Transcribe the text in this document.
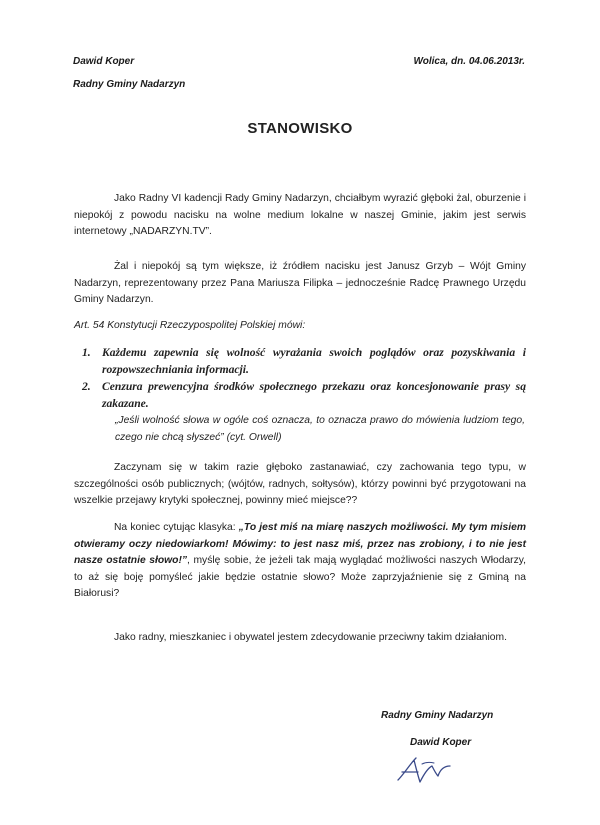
Dawid Koper
Radny Gminy Nadarzyn
Wolica, dn. 04.06.2013r.
STANOWISKO

Jako Radny VI kadencji Rady Gminy Nadarzyn, chciałbym wyrazić głęboki żal, oburzenie i niepokój z powodu nacisku na wolne medium lokalne w naszej Gminie, jakim jest serwis internetowy „NADARZYN.TV”.

Żal i niepokój są tym większe, iż źródłem nacisku jest Janusz Grzyb – Wójt Gminy Nadarzyn, reprezentowany przez Pana Mariusza Filipka – jednocześnie Radcę Prawnego Urzędu Gminy Nadarzyn.

Art. 54 Konstytucji Rzeczypospolitej Polskiej mówi:

1. Każdemu zapewnia się wolność wyrażania swoich poglądów oraz pozyskiwania i rozpowszechniania informacji.
2. Cenzura prewencyjna środków społecznego przekazu oraz koncesjonowanie prasy są zakazane.

„Jeśli wolność słowa w ogóle coś oznacza, to oznacza prawo do mówienia ludziom tego, czego nie chcą słyszeć” (cyt. Orwell)

Zaczynam się w takim razie głęboko zastanawiać, czy zachowania tego typu, w szczególności osób publicznych; (wójtów, radnych, sołtysów), którzy powinni być przygotowani na wszelkie przejawy krytyki społecznej, powinny mieć miejsce??

Na koniec cytując klasyka: „To jest miś na miarę naszych możliwości. My tym misiem otwieramy oczy niedowiarkom! Mówimy: to jest nasz miś, przez nas zrobiony, i to nie jest nasze ostatnie słowo!”, myślę sobie, że jeżeli tak mają wyglądać możliwości naszych Włodarzy, to aż się boję pomyśleć jakie będzie ostatnie słowo? Może zaprzyjaźnienie się z Gminą na Białorusi?

Jako radny, mieszkaniec i obywatel jestem zdecydowanie przeciwny takim działaniom.

Radny Gminy Nadarzyn
Dawid Koper
